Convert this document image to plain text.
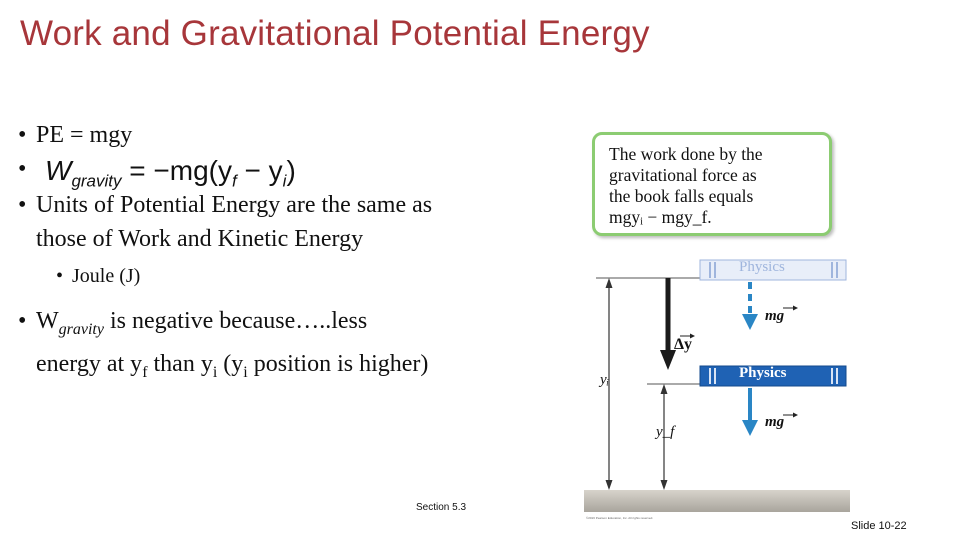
Work and Gravitational Potential Energy
• PE = mgy
•
• Units of Potential Energy are the same as those of Work and Kinetic Energy
• Joule (J)
• $W_{gravity}$ is negative because…..less energy at $y_f$ than $y_i$ ($y_i$ position is higher)
$W_{gravity} = -mg(y_f - y_i)$
The work done by the
gravitational force as
the book falls equals
mgyᵢ − mgy_f.
Physics
Physics
mg
mg
Δy
yᵢ
y_f
©2016 Pearson Education, Inc. All rights reserved.
Section 5.3
Slide 10-22
